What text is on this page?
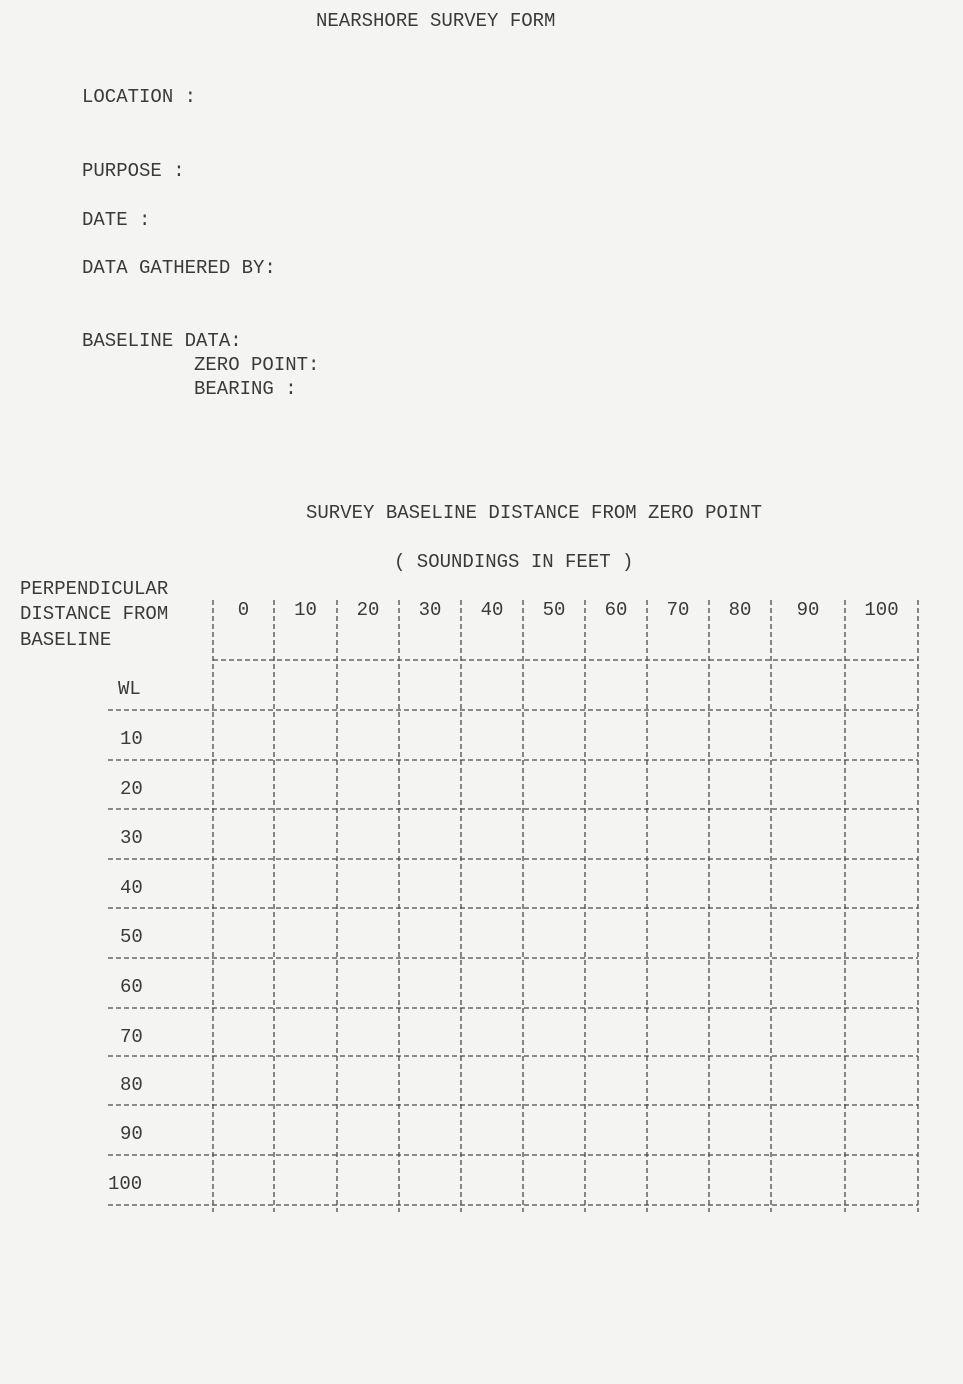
NEARSHORE SURVEY FORM
LOCATION :
PURPOSE :
DATE :
DATA GATHERED BY:
BASELINE DATA:
ZERO POINT:
BEARING :
SURVEY BASELINE DISTANCE FROM ZERO POINT
( SOUNDINGS IN FEET )
PERPENDICULAR
DISTANCE FROM
BASELINE
0 10 20 30 40 50 60 70 80 90 100
WL
10
20
30
40
50
60
70
80
90
100
